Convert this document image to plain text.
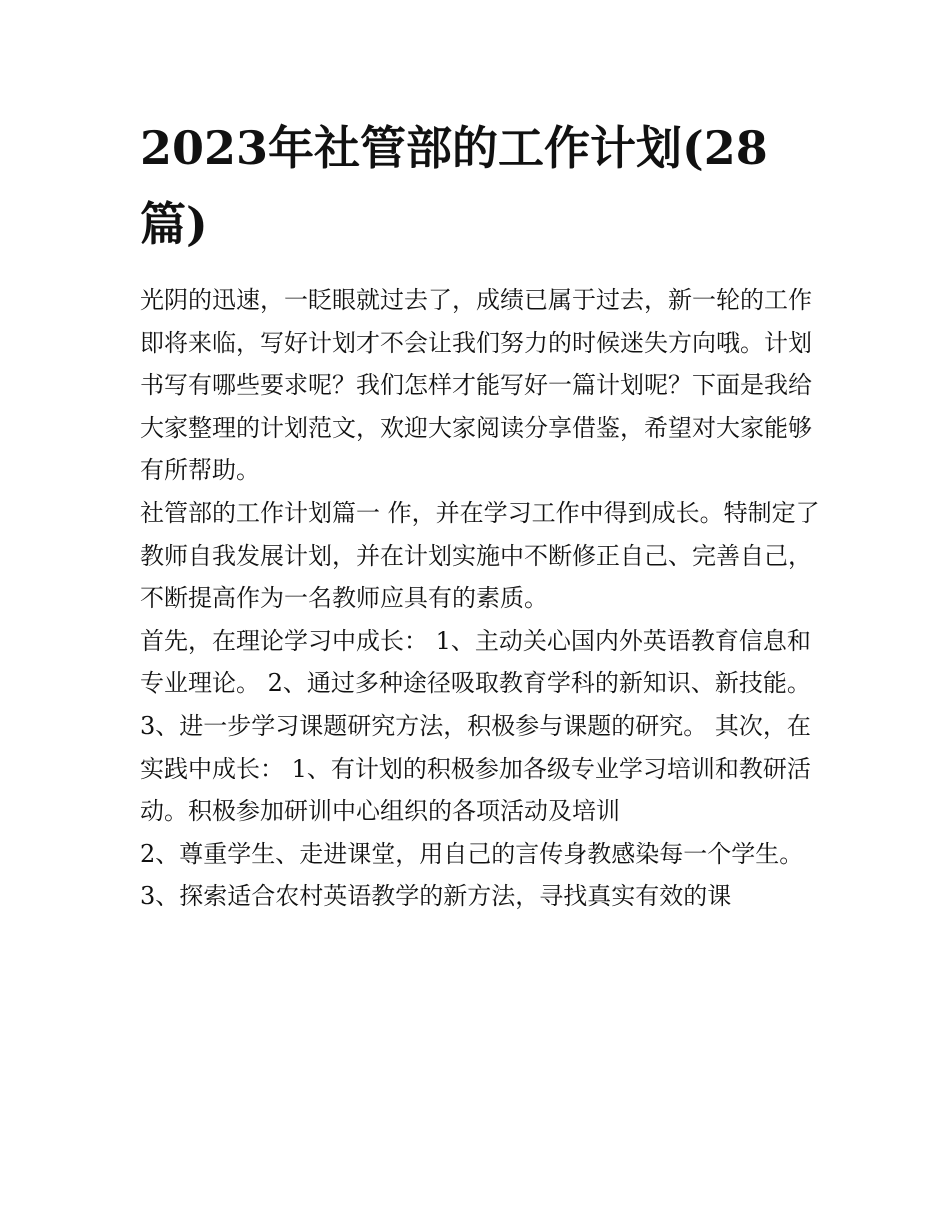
2023年社管部的工作计划(28篇)

光阴的迅速，一眨眼就过去了，成绩已属于过去，新一轮的工作即将来临，写好计划才不会让我们努力的时候迷失方向哦。计划书写有哪些要求呢？我们怎样才能写好一篇计划呢？下面是我给大家整理的计划范文，欢迎大家阅读分享借鉴，希望对大家能够有所帮助。

社管部的工作计划篇一 作，并在学习工作中得到成长。特制定了教师自我发展计划，并在计划实施中不断修正自己、完善自己，不断提高作为一名教师应具有的素质。

首先，在理论学习中成长： 1、主动关心国内外英语教育信息和专业理论。 2、通过多种途径吸取教育学科的新知识、新技能。

3、进一步学习课题研究方法，积极参与课题的研究。 其次，在实践中成长： 1、有计划的积极参加各级专业学习培训和教研活动。积极参加研训中心组织的各项活动及培训

2、尊重学生、走进课堂，用自己的言传身教感染每一个学生。 3、探索适合农村英语教学的新方法，寻找真实有效的课
